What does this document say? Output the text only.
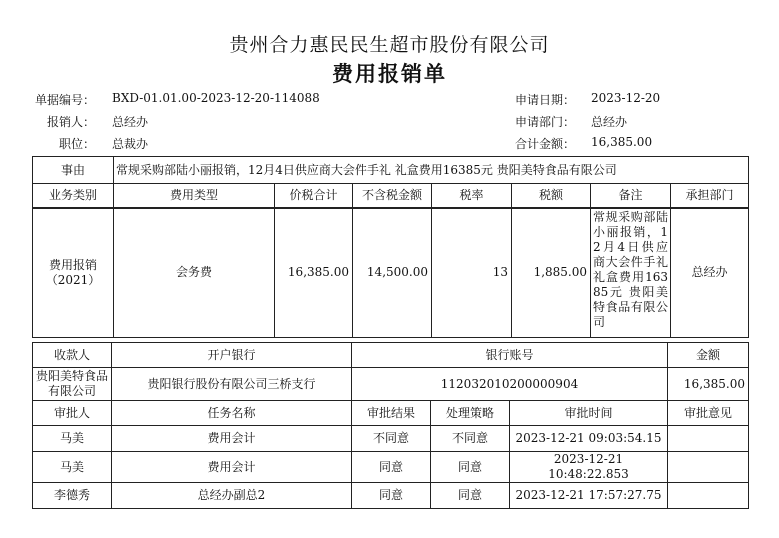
贵州合力惠民民生超市股份有限公司
费用报销单
单据编号： BXD-01.01.00-2023-12-20-114088
报销人： 总经办
职位： 总裁办
申请日期： 2023-12-20
申请部门： 总经办
合计金额： 16,385.00
事由	常规采购部陆小丽报销，12月4日供应商大会件手礼 礼盒费用16385元 贵阳美特食品有限公司						
业务类别	费用类型	价税合计	不含税金额	税率	税额	备注	承担部门
费用报销（2021）	会务费	16,385.00	14,500.00	13	1,885.00	常规采购部陆小丽报销，12月4日供应商大会件手礼礼盒费用16385元 贵阳美特食品有限公司	总经办
收款人	开户银行	银行账号			金额
贵阳美特食品有限公司	贵阳银行股份有限公司三桥支行	112032010200000904			16,385.00
审批人	任务名称	审批结果	处理策略	审批时间	审批意见
马美	费用会计	不同意	不同意	2023-12-21 09:03:54.15	
马美	费用会计	同意	同意	2023-12-21 10:48:22.853	
李德秀	总经办副总2	同意	同意	2023-12-21 17:57:27.75	
